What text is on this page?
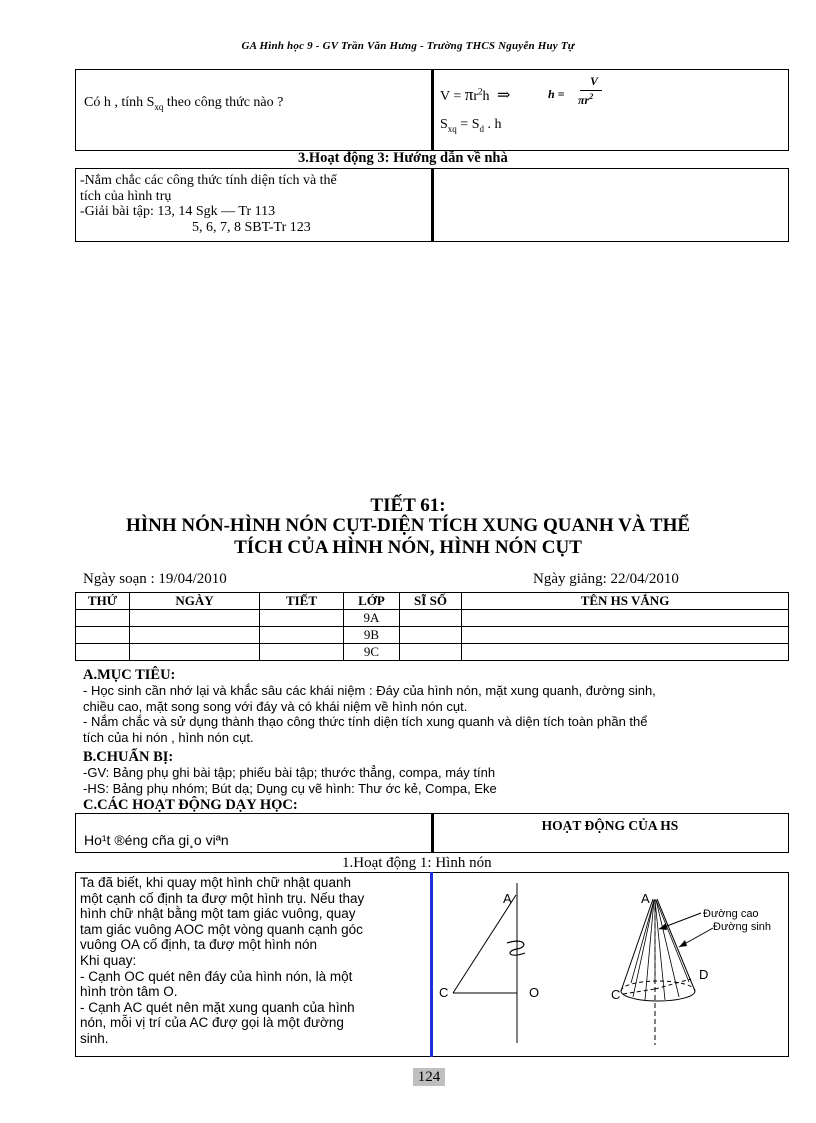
GA Hình học 9 - GV Trần Văn Hưng - Trường THCS Nguyễn Huy Tự
Có h , tính $S_{xq}$ theo công thức nào ?	$V = \pi r^2h$ ⇒	h =
V
$\pi r^2$
$S_{xq} = S_d$ . h
3.Hoạt động 3: Hướng dẫn về nhà
-Nắm chắc các công thức tính diện tích và thể
tích của hình trụ
-Giải bài tập: 13, 14 Sgk — Tr 113
5, 6, 7, 8 SBT-Tr 123
TIẾT 61:
HÌNH NÓN-HÌNH NÓN CỤT-DIỆN TÍCH XUNG QUANH VÀ THỂ
TÍCH CỦA HÌNH NÓN, HÌNH NÓN CỤT
Ngày soạn : 19/04/2010	Ngày giảng: 22/04/2010
THỨ	NGÀY	TIẾT	LỚP	SĨ SỐ	TÊN HS VẮNG
			9A		
			9B		
			9C		
A.MỤC TIÊU:
- Học sinh cần nhớ lại và khắc sâu các khái niệm : Đáy của hình nón, mặt xung quanh, đường sinh,
chiều cao, mặt song song với đáy và có khái niệm về hình nón cụt.
- Nắm chắc và sử dụng thành thạo công thức tính diện tích xung quanh và diện tích toàn phần thể
tích của hi nón , hình nón cụt.
B.CHUẨN BỊ:
-GV: Bảng phụ ghi bài tập; phiếu bài tập; thước thẳng, compa, máy tính
-HS: Bảng phụ nhóm; Bút dạ; Dụng cụ vẽ hình: Thư ớc kẻ, Compa, Eke
C.CÁC HOẠT ĐỘNG DẠY HỌC:
Ho¹t ®éng cña gi¸o viªn
HOẠT ĐỘNG CỦA HS
1.Hoạt động 1: Hình nón
Ta đã biết, khi quay một hình chữ nhật quanh
một cạnh cố định ta đượ một hình trụ. Nếu thay
hình chữ nhật bằng một tam giác vuông, quay
tam giác vuông AOC một vòng quanh cạnh góc
vuông OA cố định, ta đượ một hình nón
Khi quay:
- Cạnh OC quét nên đáy của hình nón, là một
hình tròn tâm O.
- Cạnh AC quét nên mặt xung quanh của hình
nón, mỗi vị trí của AC đượ gọi là một đường
sinh.
A
C	O
A
C
D
Đường cao
Đường sinh
124
